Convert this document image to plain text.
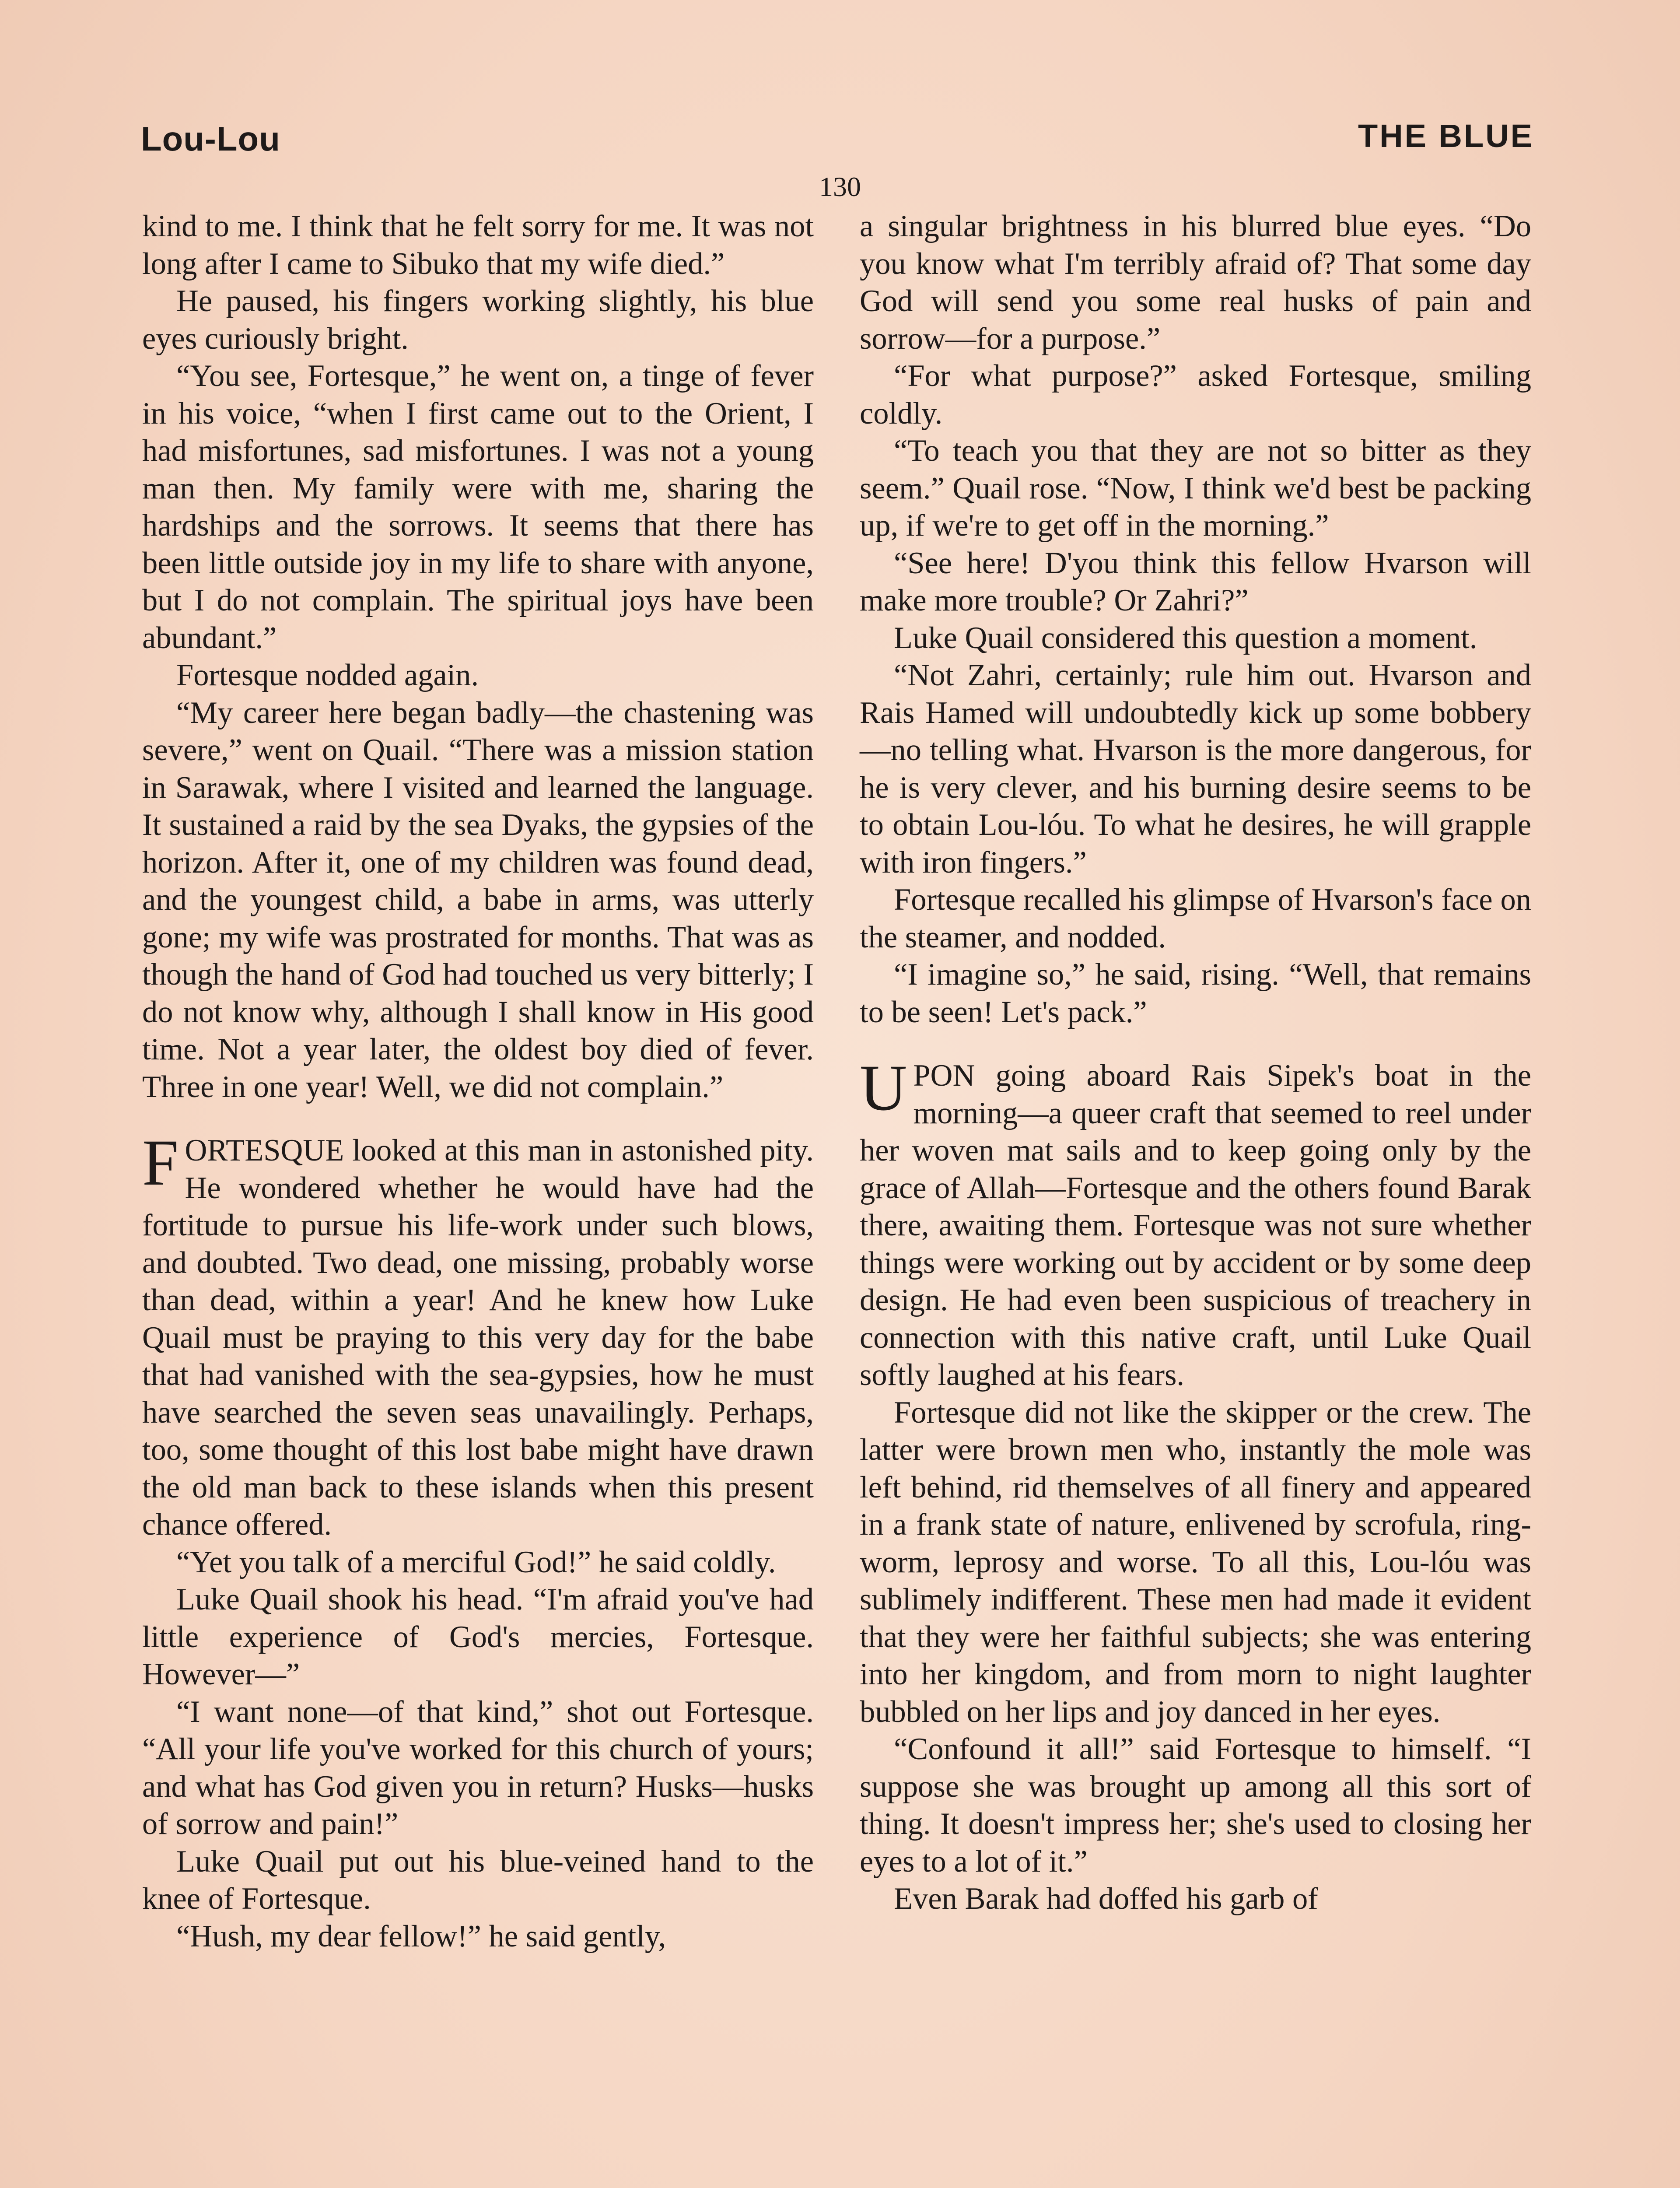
Lou-Lou	THE BLUE
130

kind to me. I think that he felt sorry for me. It was not long after I came to Sibuko that my wife died.”

He paused, his fingers working slightly, his blue eyes curiously bright.

“You see, Fortesque,” he went on, a tinge of fever in his voice, “when I first came out to the Orient, I had misfortunes, sad misfortunes. I was not a young man then. My family were with me, sharing the hardships and the sorrows. It seems that there has been little outside joy in my life to share with anyone, but I do not complain. The spiritual joys have been abundant.”

Fortesque nodded again.

“My career here began badly—the chastening was severe,” went on Quail. “There was a mission station in Sarawak, where I visited and learned the language. It sustained a raid by the sea Dyaks, the gypsies of the horizon. After it, one of my children was found dead, and the youngest child, a babe in arms, was utterly gone; my wife was prostrated for months. That was as though the hand of God had touched us very bitterly; I do not know why, although I shall know in His good time. Not a year later, the oldest boy died of fever. Three in one year! Well, we did not complain.”

FORTESQUE looked at this man in astonished pity. He wondered whether he would have had the fortitude to pursue his life-work under such blows, and doubted. Two dead, one missing, probably worse than dead, within a year! And he knew how Luke Quail must be praying to this very day for the babe that had vanished with the sea-gypsies, how he must have searched the seven seas unavailingly. Perhaps, too, some thought of this lost babe might have drawn the old man back to these islands when this present chance offered.

“Yet you talk of a merciful God!” he said coldly.

Luke Quail shook his head. “I'm afraid you've had little experience of God's mercies, Fortesque. However—”

“I want none—of that kind,” shot out Fortesque. “All your life you've worked for this church of yours; and what has God given you in return? Husks—husks of sorrow and pain!”

Luke Quail put out his blue-veined hand to the knee of Fortesque.

“Hush, my dear fellow!” he said gently,

a singular brightness in his blurred blue eyes. “Do you know what I'm terribly afraid of? That some day God will send you some real husks of pain and sorrow—for a purpose.”

“For what purpose?” asked Fortesque, smiling coldly.

“To teach you that they are not so bitter as they seem.” Quail rose. “Now, I think we'd best be packing up, if we're to get off in the morning.”

“See here! D'you think this fellow Hvarson will make more trouble? Or Zahri?”

Luke Quail considered this question a moment.

“Not Zahri, certainly; rule him out. Hvarson and Rais Hamed will undoubtedly kick up some bobbery—no telling what. Hvarson is the more dangerous, for he is very clever, and his burning desire seems to be to obtain Lou-lóu. To what he desires, he will grapple with iron fingers.”

Fortesque recalled his glimpse of Hvarson's face on the steamer, and nodded.

“I imagine so,” he said, rising. “Well, that remains to be seen! Let's pack.”

UPON going aboard Rais Sipek's boat in the morning—a queer craft that seemed to reel under her woven mat sails and to keep going only by the grace of Allah—Fortesque and the others found Barak there, awaiting them. Fortesque was not sure whether things were working out by accident or by some deep design. He had even been suspicious of treachery in connection with this native craft, until Luke Quail softly laughed at his fears.

Fortesque did not like the skipper or the crew. The latter were brown men who, instantly the mole was left behind, rid themselves of all finery and appeared in a frank state of nature, enlivened by scrofula, ring-worm, leprosy and worse. To all this, Lou-lóu was sublimely indifferent. These men had made it evident that they were her faithful subjects; she was entering into her kingdom, and from morn to night laughter bubbled on her lips and joy danced in her eyes.

“Confound it all!” said Fortesque to himself. “I suppose she was brought up among all this sort of thing. It doesn't impress her; she's used to closing her eyes to a lot of it.”

Even Barak had doffed his garb of
